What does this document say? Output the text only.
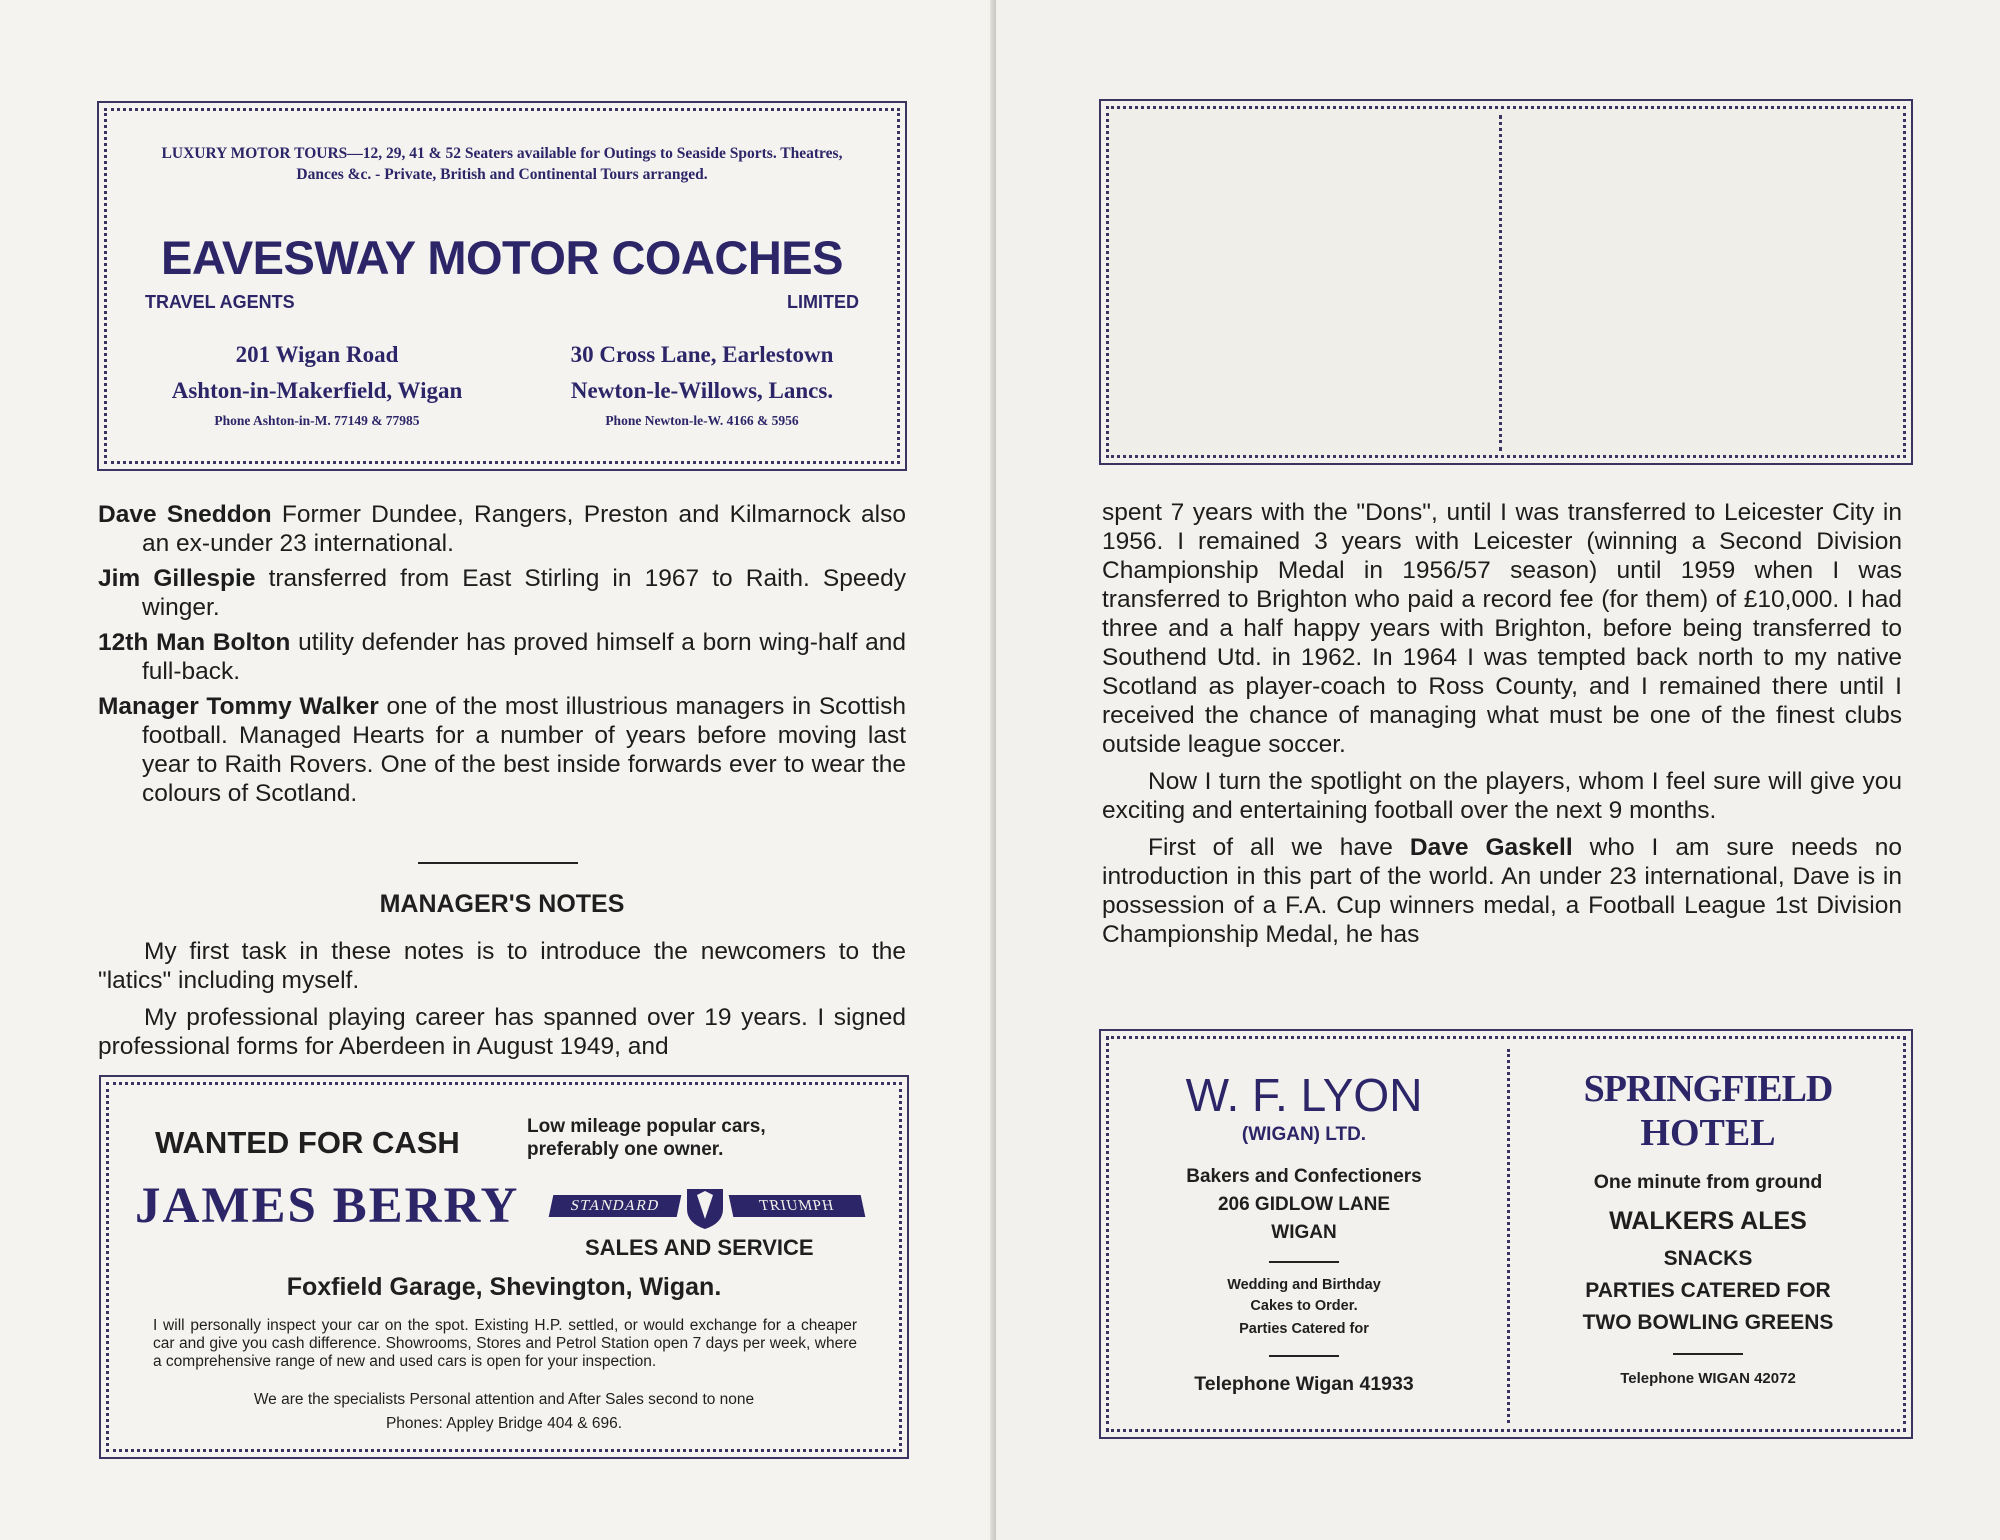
LUXURY MOTOR TOURS—12, 29, 41 & 52 Seaters available for Outings to Seaside Sports. Theatres, Dances &c. - Private, British and Continental Tours arranged.

EAVESWAY MOTOR COACHES

TRAVEL AGENTS	LIMITED

201 Wigan Road

Ashton-in-Makerfield, Wigan

Phone Ashton-in-M. 77149 & 77985

30 Cross Lane, Earlestown

Newton-le-Willows, Lancs.

Phone Newton-le-W. 4166 & 5956

Dave Sneddon Former Dundee, Rangers, Preston and Kilmarnock also an ex-under 23 international.

Jim Gillespie transferred from East Stirling in 1967 to Raith. Speedy winger.

12th Man Bolton utility defender has proved himself a born wing-half and full-back.

Manager Tommy Walker one of the most illustrious managers in Scottish football. Managed Hearts for a number of years before moving last year to Raith Rovers. One of the best inside forwards ever to wear the colours of Scotland.

MANAGER'S NOTES

My first task in these notes is to introduce the newcomers to the "latics" including myself.

My professional playing career has spanned over 19 years. I signed professional forms for Aberdeen in August 1949, and

WANTED FOR CASH	Low mileage popular cars, preferably one owner.

JAMES BERRY	STANDARD	TRIUMPH

SALES AND SERVICE

Foxfield Garage, Shevington, Wigan.

I will personally inspect your car on the spot. Existing H.P. settled, or would exchange for a cheaper car and give you cash difference. Showrooms, Stores and Petrol Station open 7 days per week, where a comprehensive range of new and used cars is open for your inspection.

We are the specialists Personal attention and After Sales second to none

Phones: Appley Bridge 404 & 696.

spent 7 years with the "Dons", until I was transferred to Leicester City in 1956. I remained 3 years with Leicester (winning a Second Division Championship Medal in 1956/57 season) until 1959 when I was transferred to Brighton who paid a record fee (for them) of £10,000. I had three and a half happy years with Brighton, before being transferred to Southend Utd. in 1962. In 1964 I was tempted back north to my native Scotland as player-coach to Ross County, and I remained there until I received the chance of managing what must be one of the finest clubs outside league soccer.

Now I turn the spotlight on the players, whom I feel sure will give you exciting and entertaining football over the next 9 months.

First of all we have Dave Gaskell who I am sure needs no introduction in this part of the world. An under 23 international, Dave is in possession of a F.A. Cup winners medal, a Football League 1st Division Championship Medal, he has

W. F. LYON

(WIGAN) LTD.

Bakers and Confectioners

206 GIDLOW LANE

WIGAN

Wedding and Birthday Cakes to Order.

Parties Catered for

Telephone Wigan 41933

SPRINGFIELD

HOTEL

One minute from ground

WALKERS ALES

SNACKS

PARTIES CATERED FOR

TWO BOWLING GREENS

Telephone WIGAN 42072
